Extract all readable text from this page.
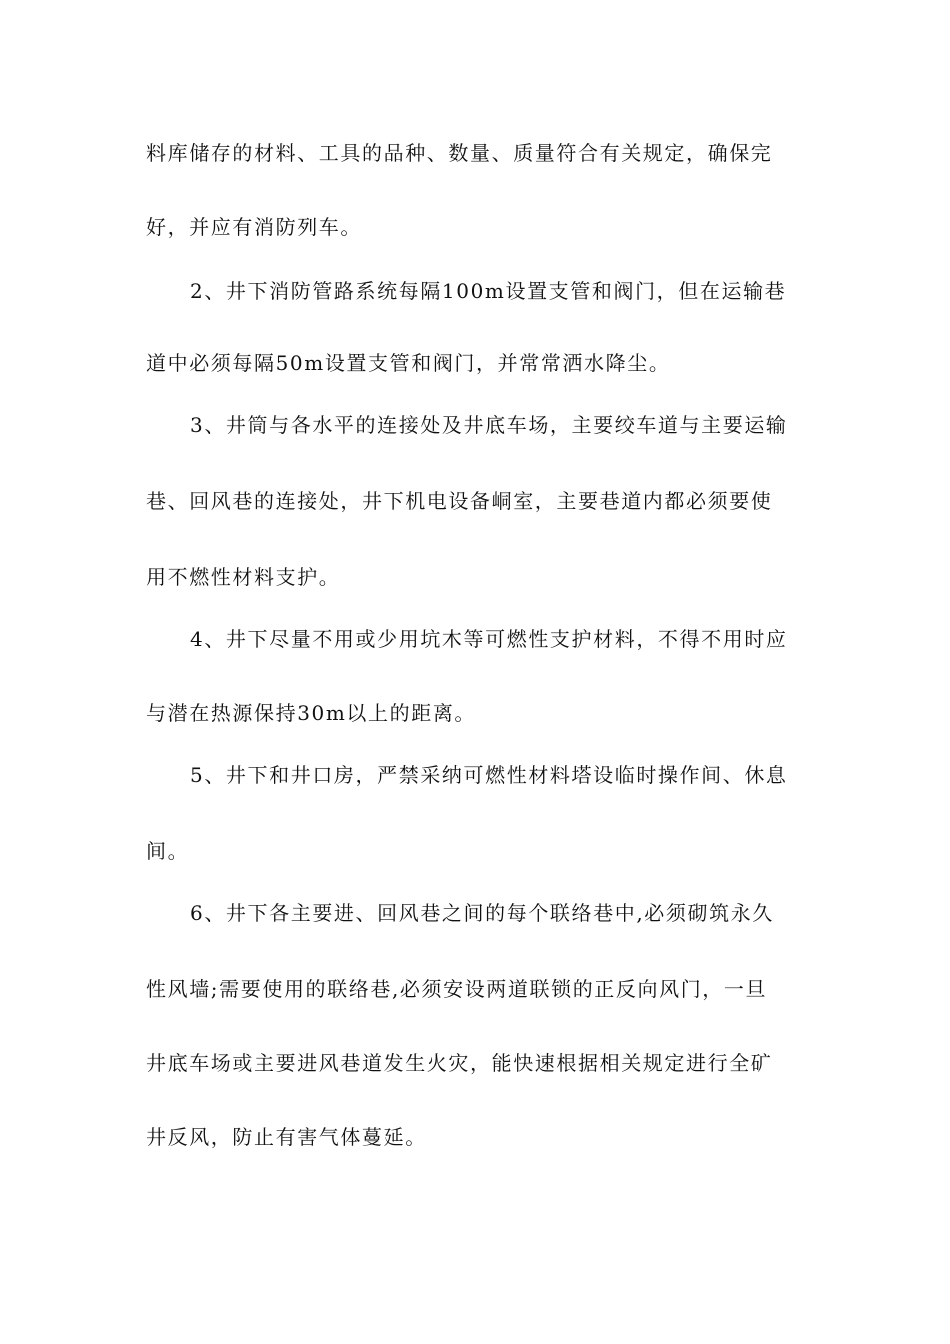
料库储存的材料、工具的品种、数量、质量符合有关规定，确保完
好，并应有消防列车。
2、井下消防管路系统每隔100m设置支管和阀门，但在运输巷
道中必须每隔50m设置支管和阀门，并常常洒水降尘。
3、井筒与各水平的连接处及井底车场，主要绞车道与主要运输
巷、回风巷的连接处，井下机电设备峒室，主要巷道内都必须要使
用不燃性材料支护。
4、井下尽量不用或少用坑木等可燃性支护材料，不得不用时应
与潜在热源保持30m以上的距离。
5、井下和井口房，严禁采纳可燃性材料塔设临时操作间、休息
间。
6、井下各主要进、回风巷之间的每个联络巷中,必须砌筑永久
性风墙;需要使用的联络巷,必须安设两道联锁的正反向风门，一旦
井底车场或主要进风巷道发生火灾，能快速根据相关规定进行全矿
井反风，防止有害气体蔓延。
